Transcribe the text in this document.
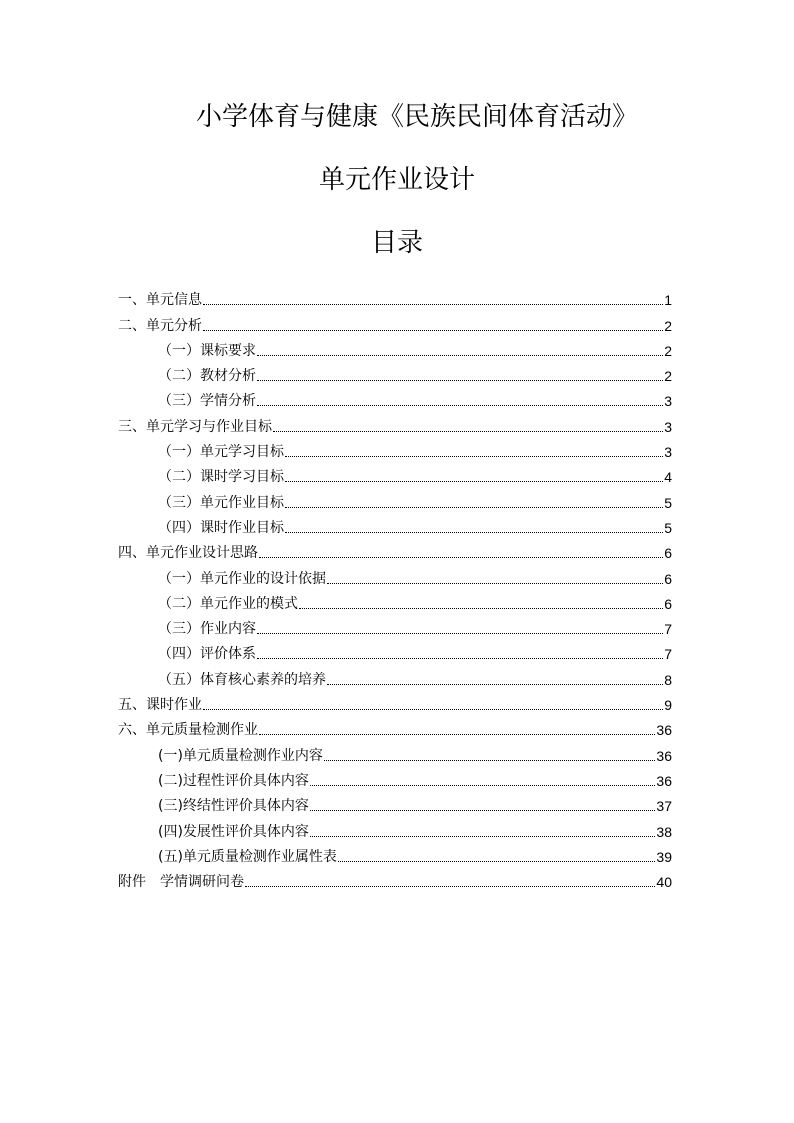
小学体育与健康《民族民间体育活动》
单元作业设计
目录
一、单元信息	1
二、单元分析	2
（一）课标要求	2
（二）教材分析	2
（三）学情分析	3
三、单元学习与作业目标	3
（一）单元学习目标	3
（二）课时学习目标	4
（三）单元作业目标	5
（四）课时作业目标	5
四、单元作业设计思路	6
（一）单元作业的设计依据	6
（二）单元作业的模式	6
（三）作业内容	7
（四）评价体系	7
（五）体育核心素养的培养	8
五、课时作业	9
六、单元质量检测作业	36
(一)单元质量检测作业内容	36
(二)过程性评价具体内容	36
(三)终结性评价具体内容	37
(四)发展性评价具体内容	38
(五)单元质量检测作业属性表	39
附件　学情调研问卷	40
